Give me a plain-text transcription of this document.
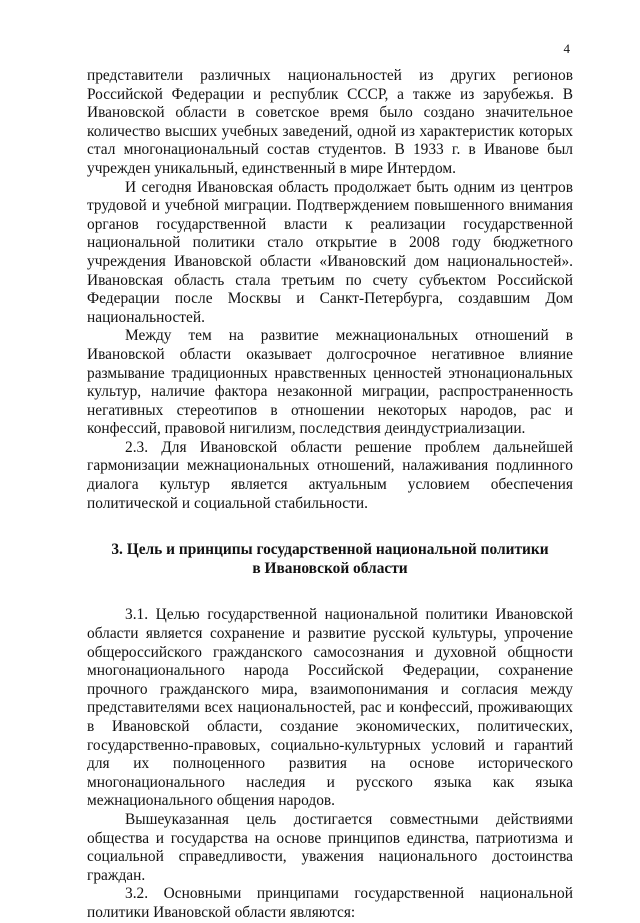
4

представители различных национальностей из других регионов Российской Федерации и республик СССР, а также из зарубежья. В Ивановской области в советское время было создано значительное количество высших учебных заведений, одной из характеристик которых стал многонациональный состав студентов. В 1933 г. в Иванове был учрежден уникальный, единственный в мире Интердом.

И сегодня Ивановская область продолжает быть одним из центров трудовой и учебной миграции. Подтверждением повышенного внимания органов государственной власти к реализации государственной национальной политики стало открытие в 2008 году бюджетного учреждения Ивановской области «Ивановский дом национальностей». Ивановская область стала третьим по счету субъектом Российской Федерации после Москвы и Санкт-Петербурга, создавшим Дом национальностей.

Между тем на развитие межнациональных отношений в Ивановской области оказывает долгосрочное негативное влияние размывание традиционных нравственных ценностей этнонациональных культур, наличие фактора незаконной миграции, распространенность негативных стереотипов в отношении некоторых народов, рас и конфессий, правовой нигилизм, последствия деиндустриализации.

2.3. Для Ивановской области решение проблем дальнейшей гармонизации межнациональных отношений, налаживания подлинного диалога культур является актуальным условием обеспечения политической и социальной стабильности.

3. Цель и принципы государственной национальной политики
в Ивановской области

3.1. Целью государственной национальной политики Ивановской области является сохранение и развитие русской культуры, упрочение общероссийского гражданского самосознания и духовной общности многонационального народа Российской Федерации, сохранение прочного гражданского мира, взаимопонимания и согласия между представителями всех национальностей, рас и конфессий, проживающих в Ивановской области, создание экономических, политических, государственно-правовых, социально-культурных условий и гарантий для их полноценного развития на основе исторического многонационального наследия и русского языка как языка межнационального общения народов.

Вышеуказанная цель достигается совместными действиями общества и государства на основе принципов единства, патриотизма и социальной справедливости, уважения национального достоинства граждан.

3.2. Основными принципами государственной национальной политики Ивановской области являются:
